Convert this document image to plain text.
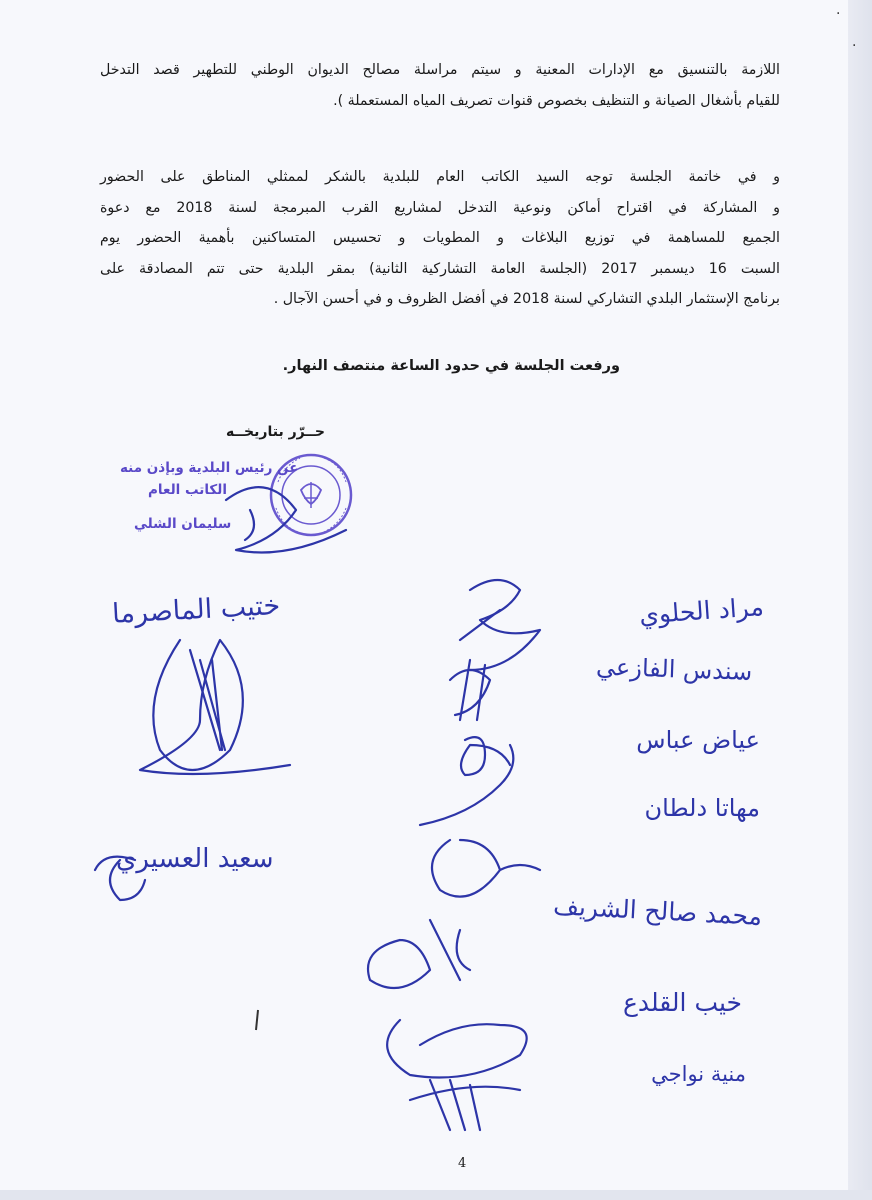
·
·
اللازمة بالتنسيق مع الإدارات المعنية و سيتم مراسلة مصالح الديوان الوطني للتطهير قصد التدخل
للقيام بأشغال الصيانة و التنظيف بخصوص قنوات تصريف المياه المستعملة ).
و في خاتمة الجلسة توجه السيد الكاتب العام للبلدية بالشكر لممثلي المناطق على الحضور
و المشاركة في اقتراح أماكن ونوعية التدخل لمشاريع القرب المبرمجة لسنة 2018 مع دعوة
الجميع للمساهمة في توزيع البلاغات و المطويات و تحسيس المتساكنين بأهمية الحضور يوم
السبت 16 ديسمبر 2017 (الجلسة العامة التشاركية الثانية) بمقر البلدية حتى تتم المصادقة على
برنامج الإستثمار البلدي التشاركي لسنة 2018 في أفضل الظروف و في أحسن الآجال .
ورفعت الجلسة في حدود الساعة منتصف النهار.
حــرّر بتاريخــه
عن رئيس البلدية وبإذن منه
الكاتب العام
سليمان الشلي
مراد الحلوي
سندس الفازعي
عياض عباس
مهاتا دلطان
محمد صالح الشريف
خيب القلدع
منية نواجي
ختيب الماصرما
سعيد العسيري
4
